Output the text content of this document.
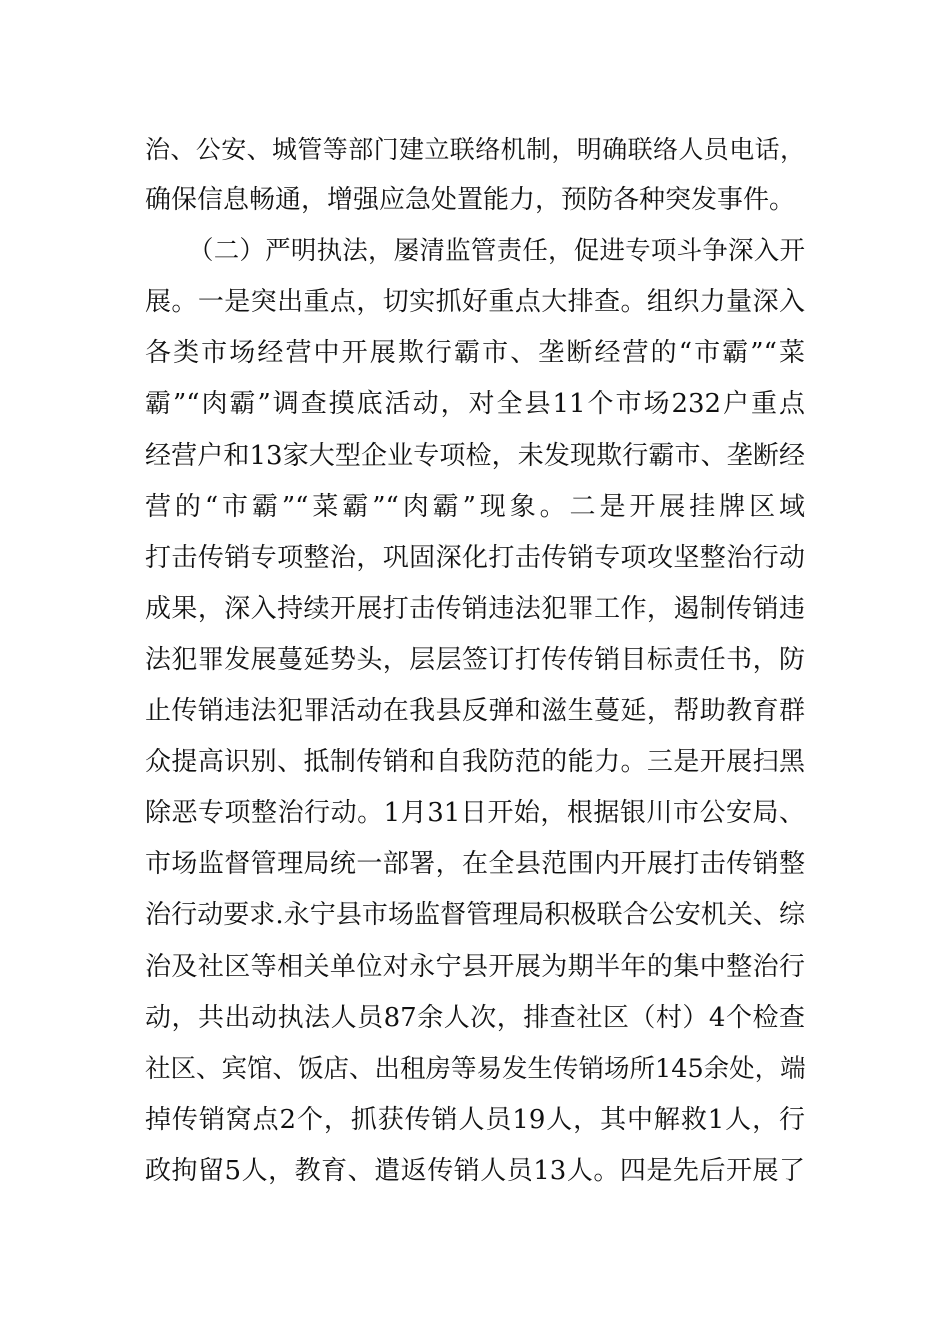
治、公安、城管等部门建立联络机制，明确联络人员电话，
确保信息畅通，增强应急处置能力，预防各种突发事件。
（二）严明执法，屡清监管责任，促进专项斗争深入开
展。一是突出重点，切实抓好重点大排查。组织力量深入
各类市场经营中开展欺行霸市、垄断经营的“市霸”“菜
霸”“肉霸”调查摸底活动，对全县11个市场232户重点
经营户和13家大型企业专项检，未发现欺行霸市、垄断经
营的“市霸”“菜霸”“肉霸”现象。二是开展挂牌区域
打击传销专项整治，巩固深化打击传销专项攻坚整治行动
成果，深入持续开展打击传销违法犯罪工作，遏制传销违
法犯罪发展蔓延势头，层层签订打传传销目标责任书，防
止传销违法犯罪活动在我县反弹和滋生蔓延，帮助教育群
众提高识别、抵制传销和自我防范的能力。三是开展扫黑
除恶专项整治行动。1月31日开始，根据银川市公安局、
市场监督管理局统一部署，在全县范围内开展打击传销整
治行动要求.永宁县市场监督管理局积极联合公安机关、综
治及社区等相关单位对永宁县开展为期半年的集中整治行
动，共出动执法人员87余人次，排查社区（村）4个检查
社区、宾馆、饭店、出租房等易发生传销场所145余处，端
掉传销窝点2个，抓获传销人员19人，其中解救1人，行
政拘留5人，教育、遣返传销人员13人。四是先后开展了
